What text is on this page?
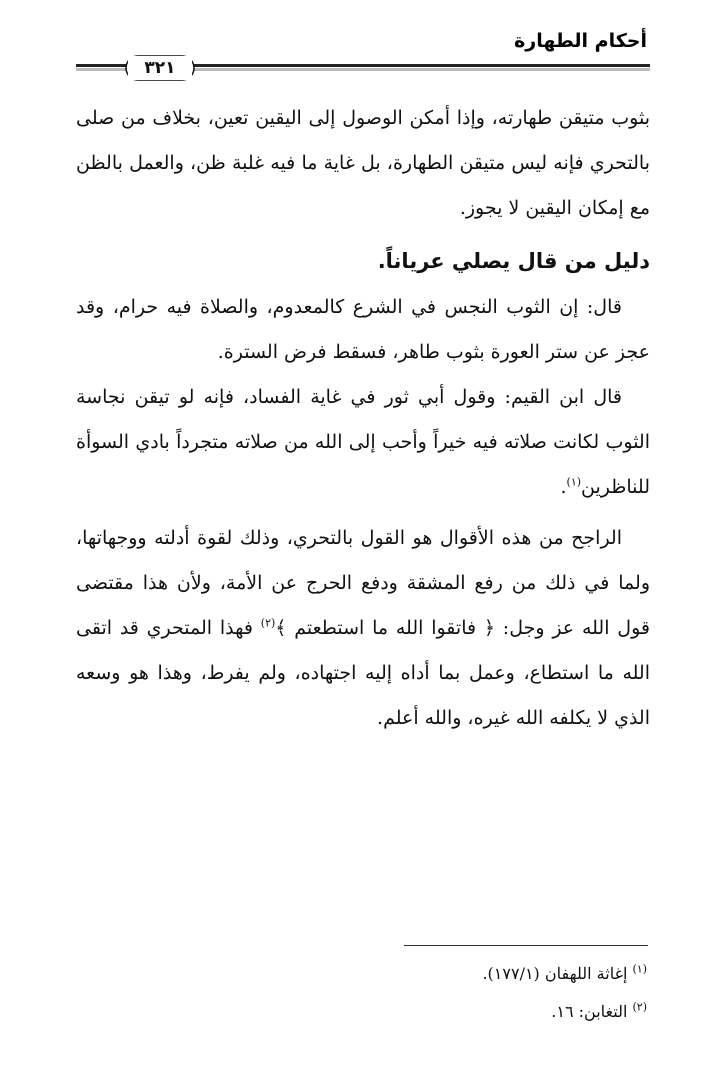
أحكام الطهارة
٣٢١

بثوب متيقن طهارته، وإذا أمكن الوصول إلى اليقين تعين، بخلاف من صلى بالتحري فإنه ليس متيقن الطهارة، بل غاية ما فيه غلبة ظن، والعمل بالظن مع إمكان اليقين لا يجوز.

دليل من قال يصلي عرياناً.

قال: إن الثوب النجس في الشرع كالمعدوم، والصلاة فيه حرام، وقد عجز عن ستر العورة بثوب طاهر، فسقط فرض السترة.

قال ابن القيم: وقول أبي ثور في غاية الفساد، فإنه لو تيقن نجاسة الثوب لكانت صلاته فيه خيراً وأحب إلى الله من صلاته متجرداً بادي السوأة للناظرين$^{(١)}$.

الراجح من هذه الأقوال هو القول بالتحري، وذلك لقوة أدلته ووجهاتها، ولما في ذلك من رفع المشقة ودفع الحرج عن الأمة، ولأن هذا مقتضى قول الله عز وجل: ﴿ فاتقوا الله ما استطعتم ﴾$^{(٢)}$ فهذا المتحري قد اتقى الله ما استطاع، وعمل بما أداه إليه اجتهاده، ولم يفرط، وهذا هو وسعه الذي لا يكلفه الله غيره، والله أعلم.

$^{(١)}$ إغاثة اللهفان (١٧٧/١).

$^{(٢)}$ التغابن: ١٦.
